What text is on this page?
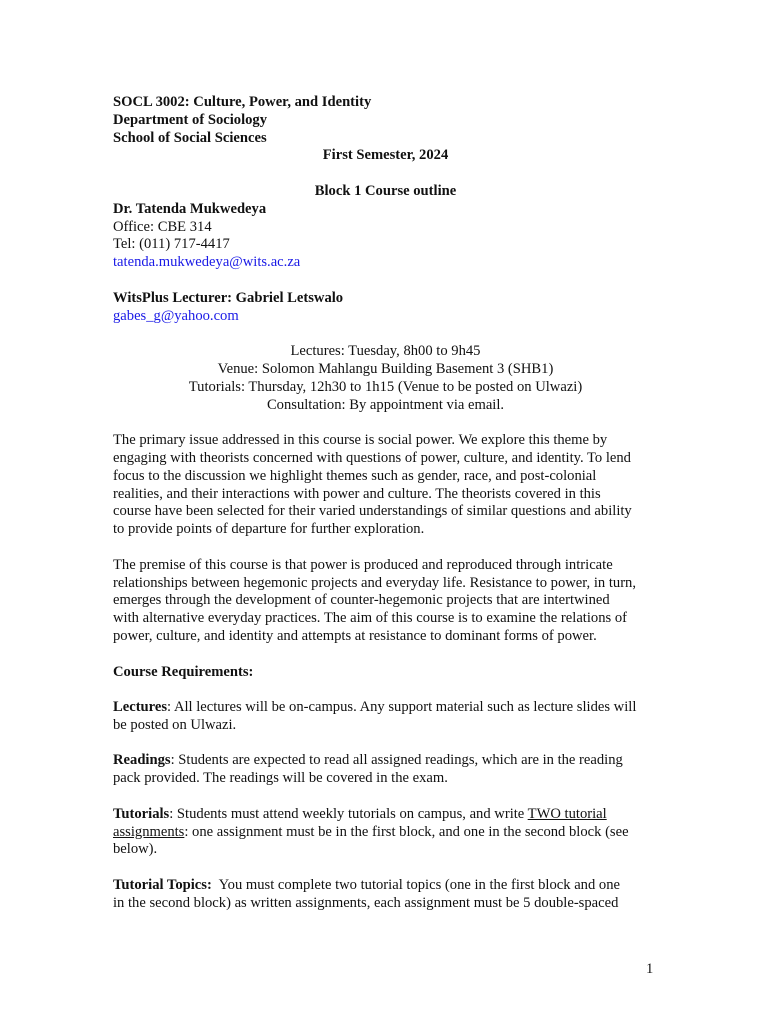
SOCL 3002: Culture, Power, and Identity
Department of Sociology
School of Social Sciences
First Semester, 2024
Block 1 Course outline
Dr. Tatenda Mukwedeya
Office: CBE 314
Tel: (011) 717-4417
tatenda.mukwedeya@wits.ac.za
WitsPlus Lecturer: Gabriel Letswalo
gabes_g@yahoo.com
Lectures: Tuesday, 8h00 to 9h45
Venue: Solomon Mahlangu Building Basement 3 (SHB1)
Tutorials: Thursday, 12h30 to 1h15 (Venue to be posted on Ulwazi)
Consultation: By appointment via email.
The primary issue addressed in this course is social power. We explore this theme by
engaging with theorists concerned with questions of power, culture, and identity. To lend
focus to the discussion we highlight themes such as gender, race, and post-colonial
realities, and their interactions with power and culture. The theorists covered in this
course have been selected for their varied understandings of similar questions and ability
to provide points of departure for further exploration.
The premise of this course is that power is produced and reproduced through intricate
relationships between hegemonic projects and everyday life. Resistance to power, in turn,
emerges through the development of counter-hegemonic projects that are intertwined
with alternative everyday practices. The aim of this course is to examine the relations of
power, culture, and identity and attempts at resistance to dominant forms of power.
Course Requirements:
Lectures: All lectures will be on-campus. Any support material such as lecture slides will
be posted on Ulwazi.
Readings: Students are expected to read all assigned readings, which are in the reading
pack provided. The readings will be covered in the exam.
Tutorials: Students must attend weekly tutorials on campus, and write TWO tutorial
assignments: one assignment must be in the first block, and one in the second block (see
below).
Tutorial Topics:  You must complete two tutorial topics (one in the first block and one
in the second block) as written assignments, each assignment must be 5 double-spaced
1
